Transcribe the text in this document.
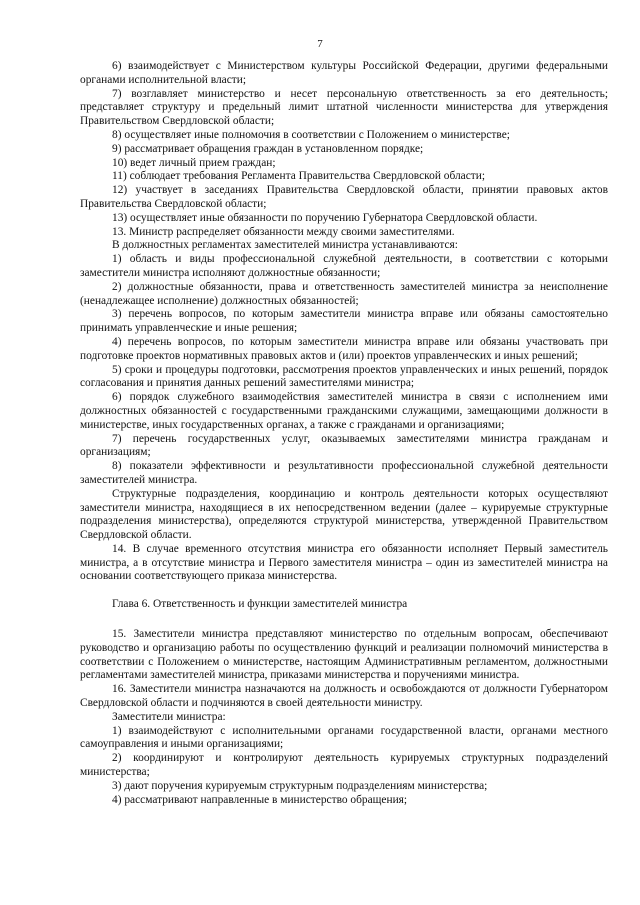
7

6) взаимодействует с Министерством культуры Российской Федерации, другими федеральными органами исполнительной власти;

7) возглавляет министерство и несет персональную ответственность за его деятельность; представляет структуру и предельный лимит штатной численности министерства для утверждения Правительством Свердловской области;

8) осуществляет иные полномочия в соответствии с Положением о министерстве;

9) рассматривает обращения граждан в установленном порядке;

10) ведет личный прием граждан;

11) соблюдает требования Регламента Правительства Свердловской области;

12) участвует в заседаниях Правительства Свердловской области, принятии правовых актов Правительства Свердловской области;

13) осуществляет иные обязанности по поручению Губернатора Свердловской области.

13. Министр распределяет обязанности между своими заместителями.

В должностных регламентах заместителей министра устанавливаются:

1) область и виды профессиональной служебной деятельности, в соответствии с которыми заместители министра исполняют должностные обязанности;

2) должностные обязанности, права и ответственность заместителей министра за неисполнение (ненадлежащее исполнение) должностных обязанностей;

3) перечень вопросов, по которым заместители министра вправе или обязаны самостоятельно принимать управленческие и иные решения;

4) перечень вопросов, по которым заместители министра вправе или обязаны участвовать при подготовке проектов нормативных правовых актов и (или) проектов управленческих и иных решений;

5) сроки и процедуры подготовки, рассмотрения проектов управленческих и иных решений, порядок согласования и принятия данных решений заместителями министра;

6) порядок служебного взаимодействия заместителей министра в связи с исполнением ими должностных обязанностей с государственными гражданскими служащими, замещающими должности в министерстве, иных государственных органах, а также с гражданами и организациями;

7) перечень государственных услуг, оказываемых заместителями министра гражданам и организациям;

8) показатели эффективности и результативности профессиональной служебной деятельности заместителей министра.

Структурные подразделения, координацию и контроль деятельности которых осуществляют заместители министра, находящиеся в их непосредственном ведении (далее – курируемые структурные подразделения министерства), определяются структурой министерства, утвержденной Правительством Свердловской области.

14. В случае временного отсутствия министра его обязанности исполняет Первый заместитель министра, а в отсутствие министра и Первого заместителя министра – один из заместителей министра на основании соответствующего приказа министерства.

Глава 6. Ответственность и функции заместителей министра

15. Заместители министра представляют министерство по отдельным вопросам, обеспечивают руководство и организацию работы по осуществлению функций и реализации полномочий министерства в соответствии с Положением о министерстве, настоящим Административным регламентом, должностными регламентами заместителей министра, приказами министерства и поручениями министра.

16. Заместители министра назначаются на должность и освобождаются от должности Губернатором Свердловской области и подчиняются в своей деятельности министру.

Заместители министра:

1) взаимодействуют с исполнительными органами государственной власти, органами местного самоуправления и иными организациями;

2) координируют и контролируют деятельность курируемых структурных подразделений министерства;

3) дают поручения курируемым структурным подразделениям министерства;

4) рассматривают направленные в министерство обращения;
